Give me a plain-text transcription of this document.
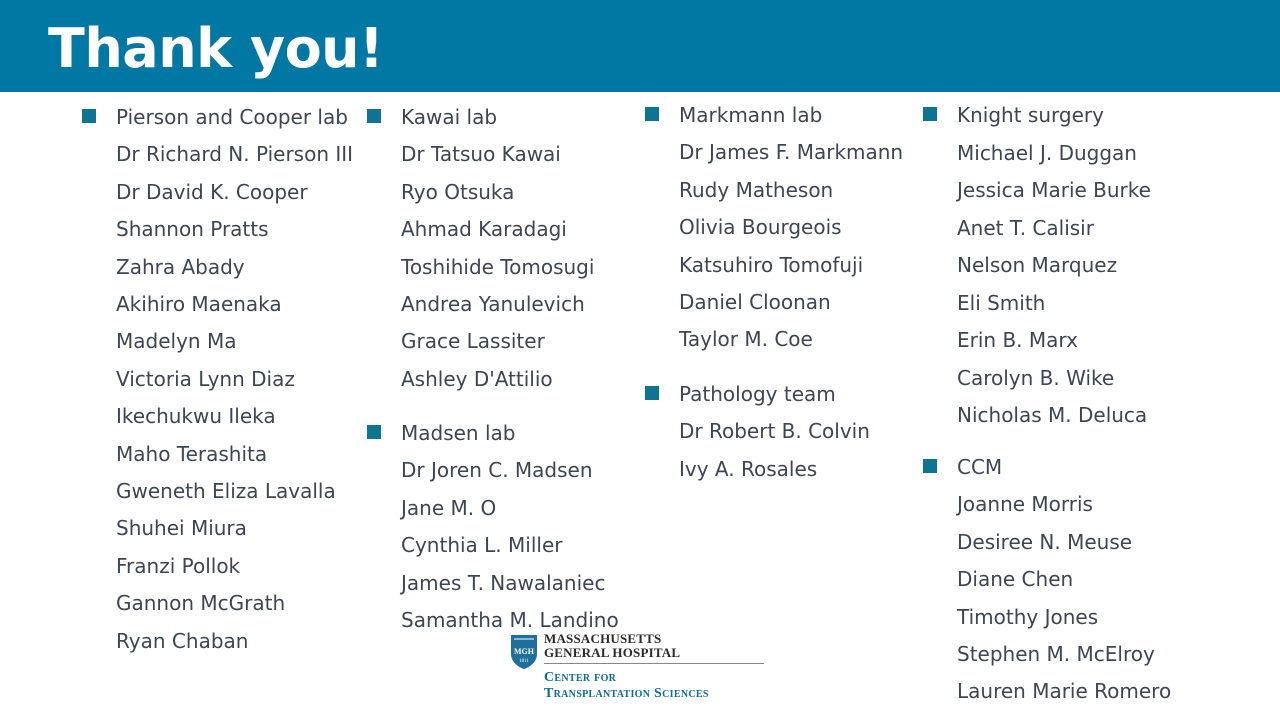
Thank you!
Pierson and Cooper lab
Dr Richard N. Pierson III
Dr David K. Cooper
Shannon Pratts
Zahra Abady
Akihiro Maenaka
Madelyn Ma
Victoria Lynn Diaz
Ikechukwu Ileka
Maho Terashita
Gweneth Eliza Lavalla
Shuhei Miura
Franzi Pollok
Gannon McGrath
Ryan Chaban
Kawai lab
Dr Tatsuo Kawai
Ryo Otsuka
Ahmad Karadagi
Toshihide Tomosugi
Andrea Yanulevich
Grace Lassiter
Ashley D'Attilio
Madsen lab
Dr Joren C. Madsen
Jane M. O
Cynthia L. Miller
James T. Nawalaniec
Samantha M. Landino
Markmann lab
Dr James F. Markmann
Rudy Matheson
Olivia Bourgeois
Katsuhiro Tomofuji
Daniel Cloonan
Taylor M. Coe
Pathology team
Dr Robert B. Colvin
Ivy A. Rosales
Knight surgery
Michael J. Duggan
Jessica Marie Burke
Anet T. Calisir
Nelson Marquez
Eli Smith
Erin B. Marx
Carolyn B. Wike
Nicholas M. Deluca
CCM
Joanne Morris
Desiree N. Meuse
Diane Chen
Timothy Jones
Stephen M. McElroy
Lauren Marie Romero
MGH
1811
MASSACHUSETTS
GENERAL HOSPITAL
Center for
Transplantation Sciences
